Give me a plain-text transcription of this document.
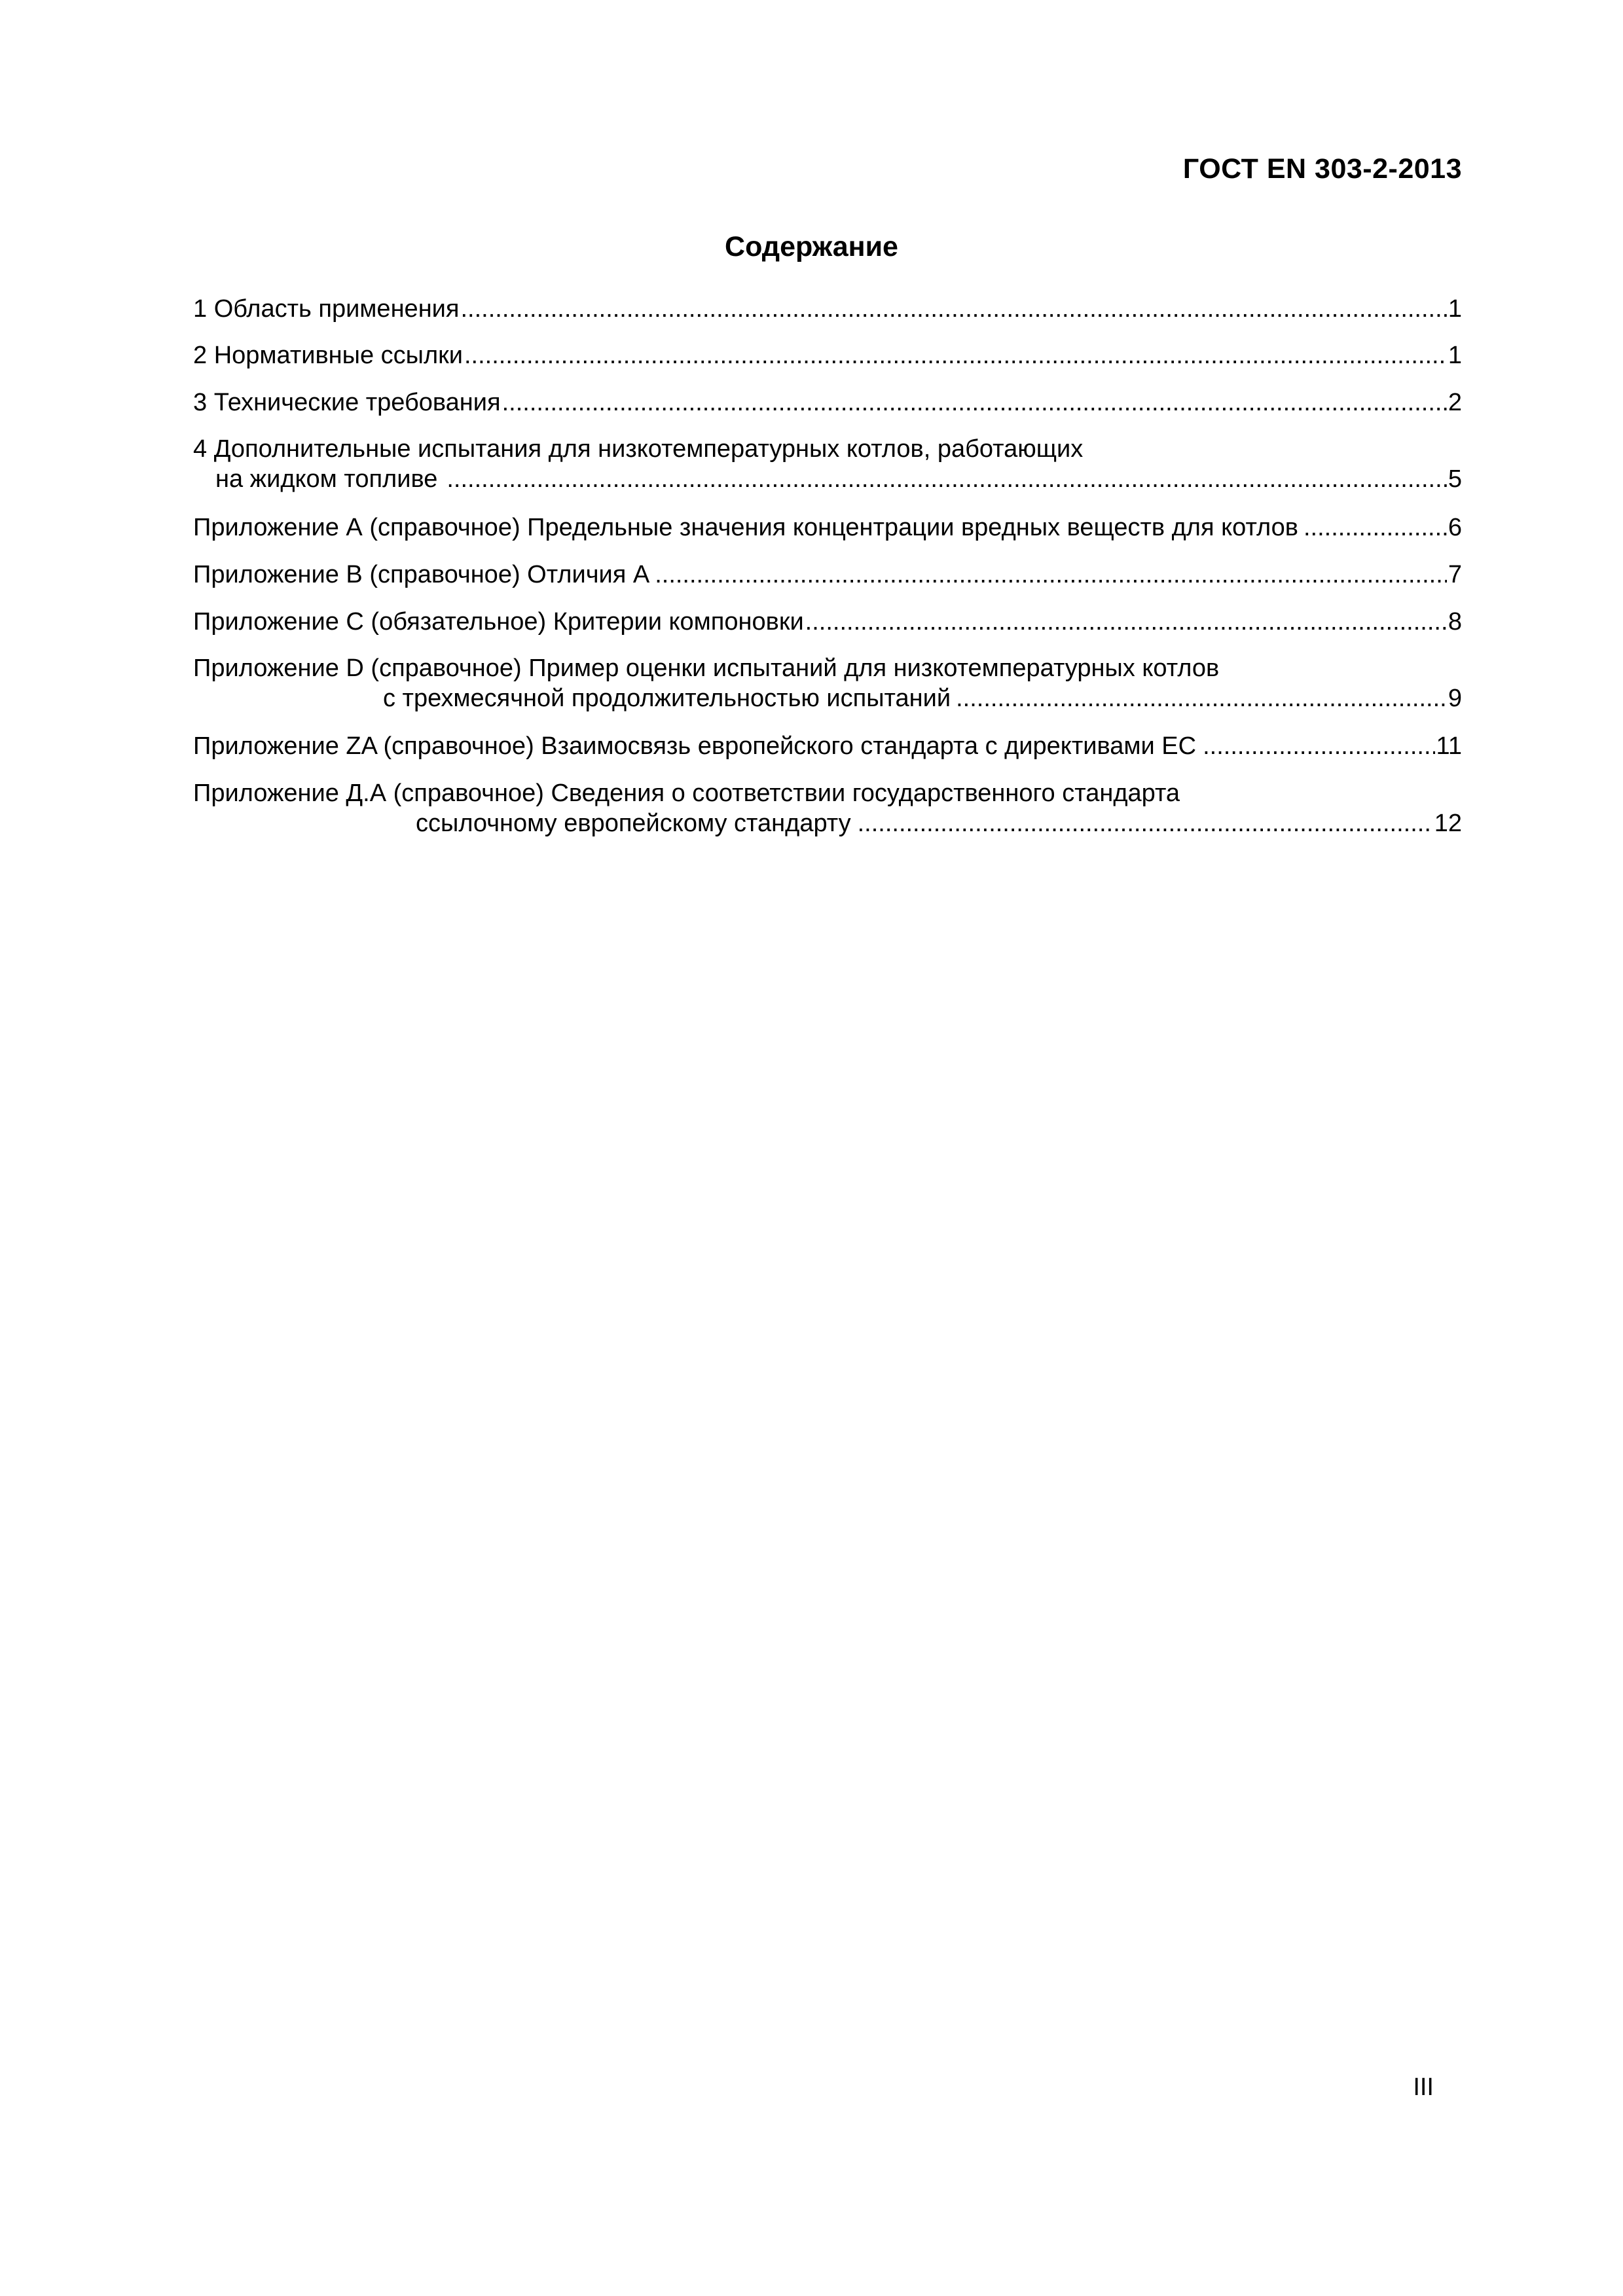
ГОСТ EN 303-2-2013
Содержание
1 Область применения .....	1
2 Нормативные ссылки .....	1
3 Технические требования .....	2
4 Дополнительные испытания для низкотемпературных котлов, работающих
на жидком топливе .....	5
Приложение А (справочное) Предельные значения концентрации вредных веществ для котлов .....	6
Приложение В (справочное) Отличия А .....	7
Приложение С (обязательное) Критерии компоновки .....	8
Приложение D (справочное) Пример оценки испытаний для низкотемпературных котлов
с трехмесячной продолжительностью испытаний .....	9
Приложение ZA (справочное) Взаимосвязь европейского стандарта с директивами ЕС .....	11
Приложение Д.А (справочное) Сведения о соответствии государственного стандарта
ссылочному европейскому стандарту .....	12
III
